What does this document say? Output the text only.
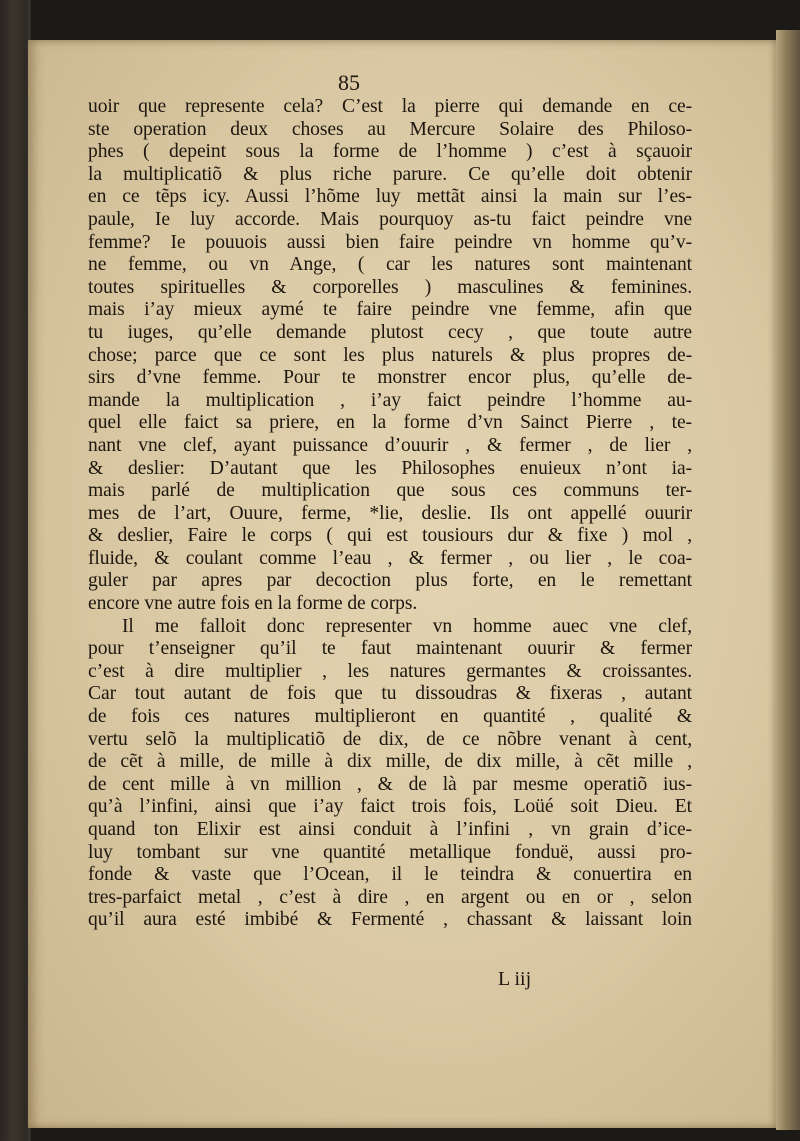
85

uoir que represente cela? C’est la pierre qui demande en ce-
ste operation deux choses au Mercure Solaire des Philoso-
phes ( depeint sous la forme de l’homme ) c’est à sçauoir
la multiplicatiõ & plus riche parure. Ce qu’elle doit obtenir
en ce tẽps icy. Aussi l’hõme luy mettãt ainsi la main sur l’es-
paule, Ie luy accorde. Mais pourquoy as-tu faict peindre vne
femme? Ie pouuois aussi bien faire peindre vn homme qu’v-
ne femme, ou vn Ange, ( car les natures sont maintenant
toutes spirituelles & corporelles ) masculines & feminines.
mais i’ay mieux aymé te faire peindre vne femme, afin que
tu iuges, qu’elle demande plutost cecy , que toute autre
chose; parce que ce sont les plus naturels & plus propres de-
sirs d’vne femme. Pour te monstrer encor plus, qu’elle de-
mande la multiplication , i’ay faict peindre l’homme au-
quel elle faict sa priere, en la forme d’vn Sainct Pierre , te-
nant vne clef, ayant puissance d’ouurir , & fermer , de lier ,
& deslier: D’autant que les Philosophes enuieux n’ont ia-
mais parlé de multiplication que sous ces communs ter-
mes de l’art, Ouure, ferme, *lie, deslie. Ils ont appellé ouurir
& deslier, Faire le corps ( qui est tousiours dur & fixe ) mol ,
fluide, & coulant comme l’eau , & fermer , ou lier , le coa-
guler par apres par decoction plus forte, en le remettant
encore vne autre fois en la forme de corps.
Il me falloit donc representer vn homme auec vne clef,
pour t’enseigner qu’il te faut maintenant ouurir & fermer
c’est à dire multiplier , les natures germantes & croissantes.
Car tout autant de fois que tu dissoudras & fixeras , autant
de fois ces natures multiplieront en quantité , qualité &
vertu selõ la multiplicatiõ de dix, de ce nõbre venant à cent,
de cẽt à mille, de mille à dix mille, de dix mille, à cẽt mille ,
de cent mille à vn million , & de là par mesme operatiõ ius-
qu’à l’infini, ainsi que i’ay faict trois fois, Loüé soit Dieu. Et
quand ton Elixir est ainsi conduit à l’infini , vn grain d’ice-
luy tombant sur vne quantité metallique fonduë, aussi pro-
fonde & vaste que l’Ocean, il le teindra & conuertira en
tres-parfaict metal , c’est à dire , en argent ou en or , selon
qu’il aura esté imbibé & Fermenté , chassant & laissant loin

L iij
